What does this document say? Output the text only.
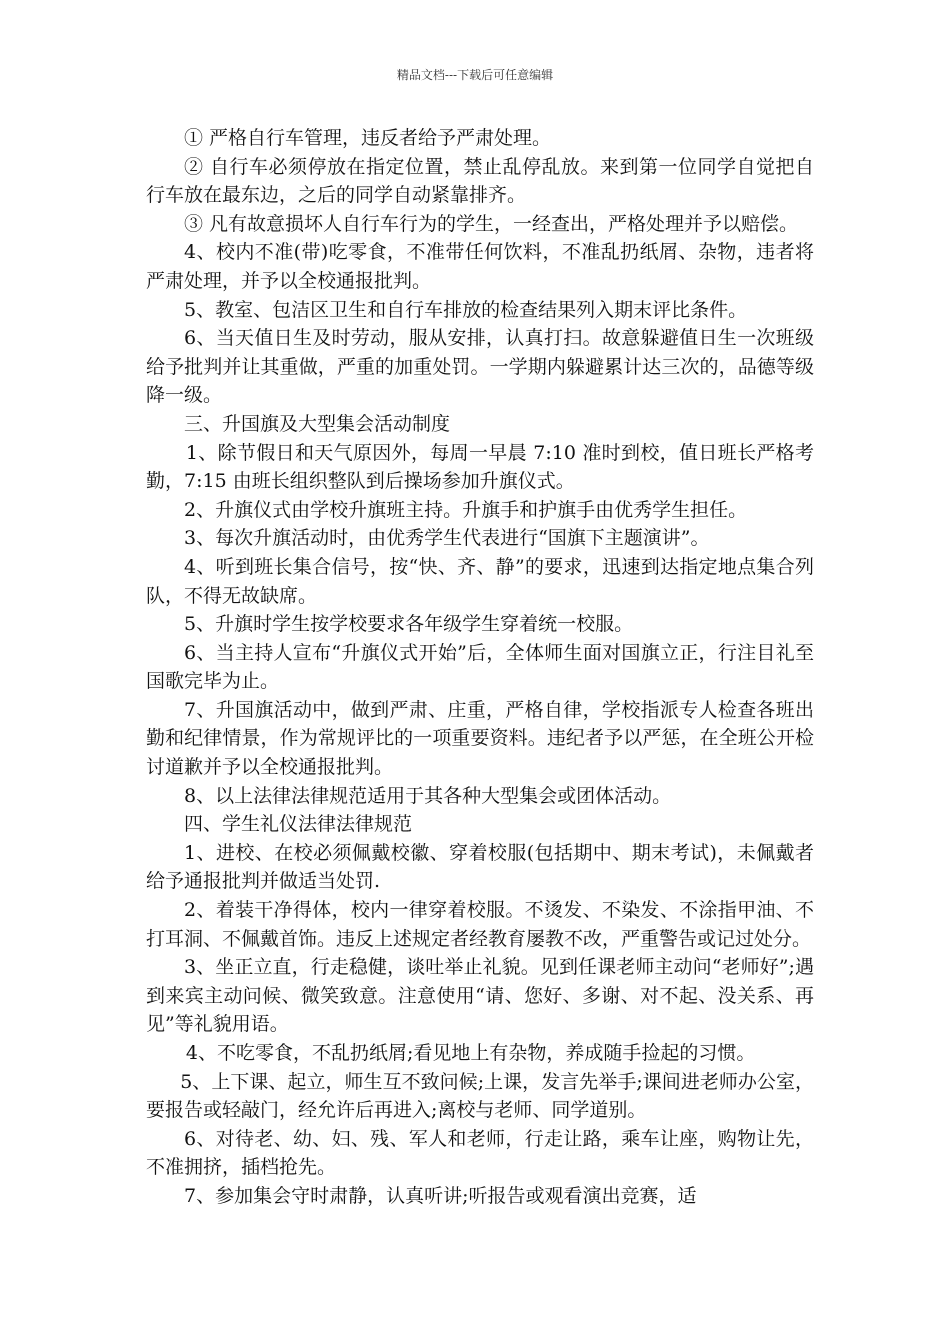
精品文档---下载后可任意编辑

① 严格自行车管理，违反者给予严肃处理。

② 自行车必须停放在指定位置，禁止乱停乱放。来到第一位同学自觉把自行车放在最东边，之后的同学自动紧靠排齐。

③ 凡有故意损坏人自行车行为的学生，一经查出，严格处理并予以赔偿。

4、校内不准(带)吃零食，不准带任何饮料，不准乱扔纸屑、杂物，违者将严肃处理，并予以全校通报批判。

5、教室、包洁区卫生和自行车排放的检查结果列入期末评比条件。

6、当天值日生及时劳动，服从安排，认真打扫。故意躲避值日生一次班级给予批判并让其重做，严重的加重处罚。一学期内躲避累计达三次的，品德等级降一级。

三、升国旗及大型集会活动制度

1、除节假日和天气原因外，每周一早晨 7:10 准时到校，值日班长严格考勤，7:15 由班长组织整队到后操场参加升旗仪式。

2、升旗仪式由学校升旗班主持。升旗手和护旗手由优秀学生担任。

3、每次升旗活动时，由优秀学生代表进行“国旗下主题演讲”。

4、听到班长集合信号，按“快、齐、静”的要求，迅速到达指定地点集合列队，不得无故缺席。

5、升旗时学生按学校要求各年级学生穿着统一校服。

6、当主持人宣布“升旗仪式开始”后，全体师生面对国旗立正，行注目礼至国歌完毕为止。

7、升国旗活动中，做到严肃、庄重，严格自律，学校指派专人检查各班出勤和纪律情景，作为常规评比的一项重要资料。违纪者予以严惩，在全班公开检讨道歉并予以全校通报批判。

8、以上法律法律规范适用于其各种大型集会或团体活动。

四、学生礼仪法律法律规范

1、进校、在校必须佩戴校徽、穿着校服(包括期中、期末考试)，未佩戴者给予通报批判并做适当处罚.

2、着装干净得体，校内一律穿着校服。不烫发、不染发、不涂指甲油、不打耳洞、不佩戴首饰。违反上述规定者经教育屡教不改，严重警告或记过处分。

3、坐正立直，行走稳健，谈吐举止礼貌。见到任课老师主动问“老师好”;遇到来宾主动问候、微笑致意。注意使用“请、您好、多谢、对不起、没关系、再见”等礼貌用语。

4、不吃零食，不乱扔纸屑;看见地上有杂物，养成随手捡起的习惯。

5、上下课、起立，师生互不致问候;上课，发言先举手;课间进老师办公室，要报告或轻敲门，经允许后再进入;离校与老师、同学道别。

6、对待老、幼、妇、残、军人和老师，行走让路，乘车让座，购物让先，不准拥挤，插档抢先。

7、参加集会守时肃静，认真听讲;听报告或观看演出竞赛，适
